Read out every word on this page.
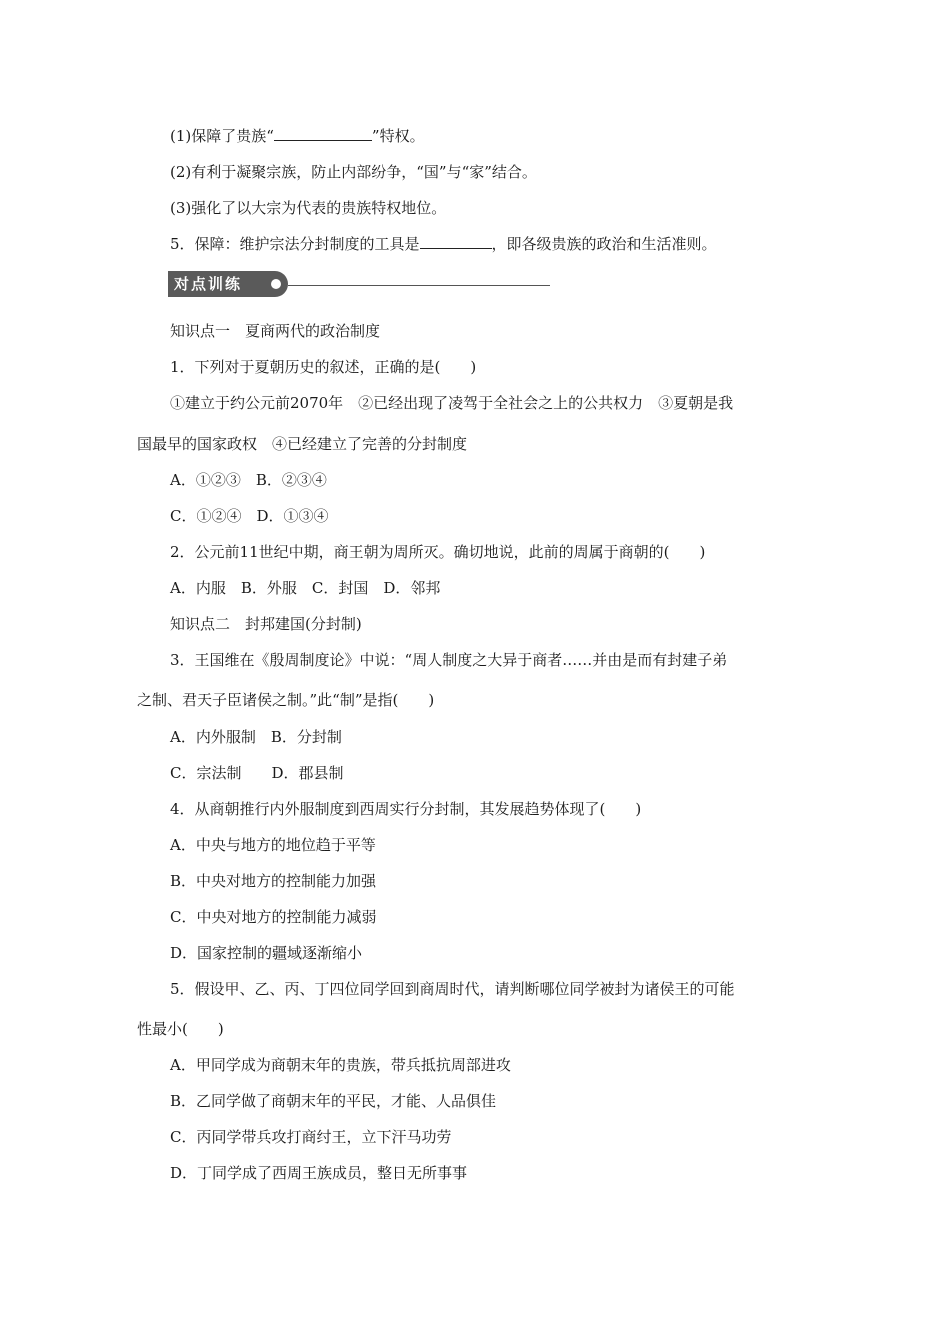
(1)保障了贵族“	”特权。
(2)有利于凝聚宗族，防止内部纷争，“国”与“家”结合。
(3)强化了以大宗为代表的贵族特权地位。
5．保障：维护宗法分封制度的工具是	，即各级贵族的政治和生活准则。
对点训练
知识点一　夏商两代的政治制度
1．下列对于夏朝历史的叙述，正确的是(　　)
①建立于约公元前2070年　②已经出现了凌驾于全社会之上的公共权力　③夏朝是我
国最早的国家政权　④已经建立了完善的分封制度
A．①②③　B．②③④
C．①②④　D．①③④
2．公元前11世纪中期，商王朝为周所灭。确切地说，此前的周属于商朝的(　　)
A．内服　B．外服　C．封国　D．邻邦
知识点二　封邦建国(分封制)
3．王国维在《殷周制度论》中说：“周人制度之大异于商者……并由是而有封建子弟
之制、君天子臣诸侯之制。”此“制”是指(　　)
A．内外服制　B．分封制
C．宗法制　　D．郡县制
4．从商朝推行内外服制度到西周实行分封制，其发展趋势体现了(　　)
A．中央与地方的地位趋于平等
B．中央对地方的控制能力加强
C．中央对地方的控制能力减弱
D．国家控制的疆域逐渐缩小
5．假设甲、乙、丙、丁四位同学回到商周时代，请判断哪位同学被封为诸侯王的可能
性最小(　　)
A．甲同学成为商朝末年的贵族，带兵抵抗周部进攻
B．乙同学做了商朝末年的平民，才能、人品俱佳
C．丙同学带兵攻打商纣王，立下汗马功劳
D．丁同学成了西周王族成员，整日无所事事
